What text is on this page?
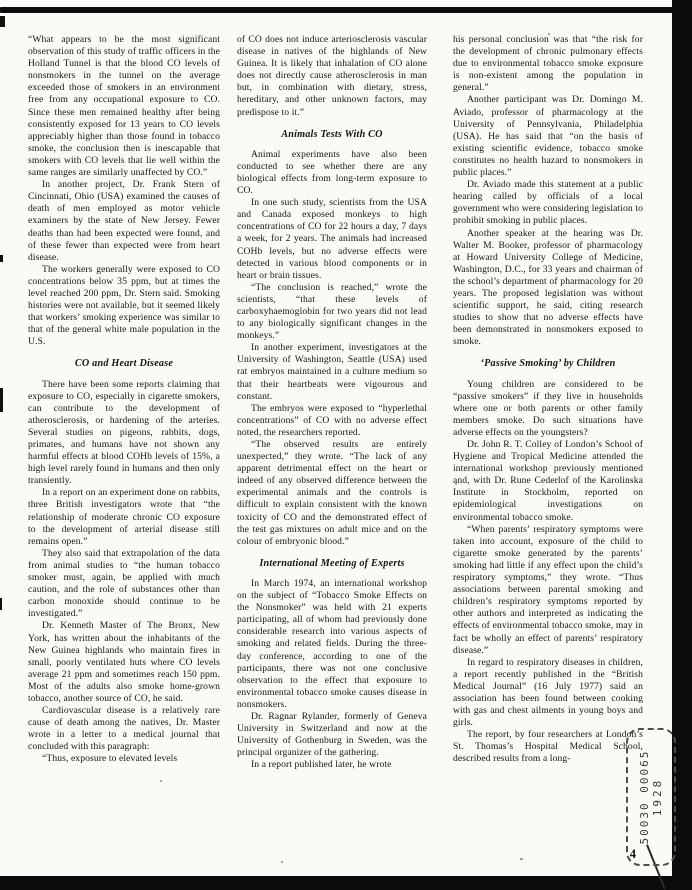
“What appears to be the most significant observation of this study of traffic officers in the Holland Tunnel is that the blood CO levels of nonsmokers in the tunnel on the average exceeded those of smokers in an environment free from any occupational exposure to CO. Since these men remained healthy after being consistently exposed for 13 years to CO levels appreciably higher than those found in tobacco smoke, the conclusion then is inescapable that smokers with CO levels that lie well within the same ranges are similarly unaffected by CO.”

In another project, Dr. Frank Stern of Cincinnati, Ohio (USA) examined the causes of death of men employed as motor vehicle examiners by the state of New Jersey. Fewer deaths than had been expected were found, and of these fewer than expected were from heart disease.

The workers generally were exposed to CO concentrations below 35 ppm, but at times the level reached 200 ppm, Dr. Stern said. Smoking histories were not available, but it seemed likely that workers’ smoking experience was similar to that of the general white male population in the U.S.

CO and Heart Disease

There have been some reports claiming that exposure to CO, especially in cigarette smokers, can contribute to the development of atherosclerosis, or hardening of the arteries. Several studies on pigeons, rabbits, dogs, primates, and humans have not shown any harmful effects at blood COHb levels of 15%, a high level rarely found in humans and then only transiently.

In a report on an experiment done on rabbits, three British investigators wrote that “the relationship of moderate chronic CO exposure to the development of arterial disease still remains open.”

They also said that extrapolation of the data from animal studies to “the human tobacco smoker must, again, be applied with much caution, and the role of substances other than carbon monoxide should continue to be investigated.”

Dr. Kenneth Master of The Bronx, New York, has written about the inhabitants of the New Guinea highlands who maintain fires in small, poorly ventilated huts where CO levels average 21 ppm and sometimes reach 150 ppm. Most of the adults also smoke home-grown tobacco, another source of CO, he said.

Cardiovascular disease is a relatively rare cause of death among the natives, Dr. Master wrote in a letter to a medical journal that concluded with this paragraph:

“Thus, exposure to elevated levels

of CO does not induce arteriosclerosis vascular disease in natives of the highlands of New Guinea. It is likely that inhalation of CO alone does not directly cause atherosclerosis in man but, in combination with dietary, stress, hereditary, and other unknown factors, may predispose to it.”

Animals Tests With CO

Animal experiments have also been conducted to see whether there are any biological effects from long-term exposure to CO.

In one such study, scientists from the USA and Canada exposed monkeys to high concentrations of CO for 22 hours a day, 7 days a week, for 2 years. The animals had increased COHb levels, but no adverse effects were detected in various blood components or in heart or brain tissues.

“The conclusion is reached,” wrote the scientists, “that these levels of carboxyhaemoglobin for two years did not lead to any biologically significant changes in the monkeys.”

In another experiment, investigators at the University of Washington, Seattle (USA) used rat embryos maintained in a culture medium so that their heartbeats were vigourous and constant.

The embryos were exposed to “hyperlethal concentrations” of CO with no adverse effect noted, the researchers reported.

“The observed results are entirely unexpected,” they wrote. “The lack of any apparent detrimental effect on the heart or indeed of any observed difference between the experimental animals and the controls is difficult to explain consistent with the known toxicity of CO and the demonstrated effect of the test gas mixtures on adult mice and on the colour of embryonic blood.”

International Meeting of Experts

In March 1974, an international workshop on the subject of “Tobacco Smoke Effects on the Nonsmoker” was held with 21 experts participating, all of whom had previously done considerable research into various aspects of smoking and related fields. During the three-day conference, according to one of the participants, there was not one conclusive observation to the effect that exposure to environmental tobacco smoke causes disease in nonsmokers.

Dr. Ragnar Rylander, formerly of Geneva University in Switzerland and now at the University of Gothenburg in Sweden, was the principal organizer of the gathering.

In a report published later, he wrote

his personal conclusion was that “the risk for the development of chronic pulmonary effects due to environmental tobacco smoke exposure is non-existent among the population in general.”

Another participant was Dr. Domingo M. Aviado, professor of pharmacology at the University of Pennsylvania, Philadelphia (USA). He has said that “on the basis of existing scientific evidence, tobacco smoke constitutes no health hazard to nonsmokers in public places.”

Dr. Aviado made this statement at a public hearing called by officials of a local government who were considering legislation to prohibit smoking in public places.

Another speaker at the hearing was Dr. Walter M. Booker, professor of pharmacology at Howard University College of Medicine, Washington, D.C., for 33 years and chairman of the school’s department of pharmacology for 20 years. The proposed legislation was without scientific support, he said, citing research studies to show that no adverse effects have been demonstrated in nonsmokers exposed to smoke.

‘Passive Smoking’ by Children

Young children are considered to be “passive smokers” if they live in households where one or both parents or other family members smoke. Do such situations have adverse effects on the youngsters?

Dr. John R. T. Colley of London’s School of Hygiene and Tropical Medicine attended the international workshop previously mentioned and, with Dr. Rune Cederlof of the Karolinska Institute in Stockholm, reported on epidemiological investigations on environmental tobacco smoke.

“When parents’ respiratory symptoms were taken into account, exposure of the child to cigarette smoke generated by the parents’ smoking had little if any effect upon the child’s respiratory symptoms,” they wrote. “Thus associations between parental smoking and children’s respiratory symptoms reported by other authors and interpreted as indicating the effects of environmental tobacco smoke, may in fact be wholly an effect of parents’ respiratory disease.”

In regard to respiratory diseases in children, a report recently published in the “British Medical Journal” (16 July 1977) said an association has been found between cooking with gas and chest ailments in young boys and girls.

The report, by four researchers at London’s St. Thomas’s Hospital Medical School, described results from a long-	50030 00065 1928
4
